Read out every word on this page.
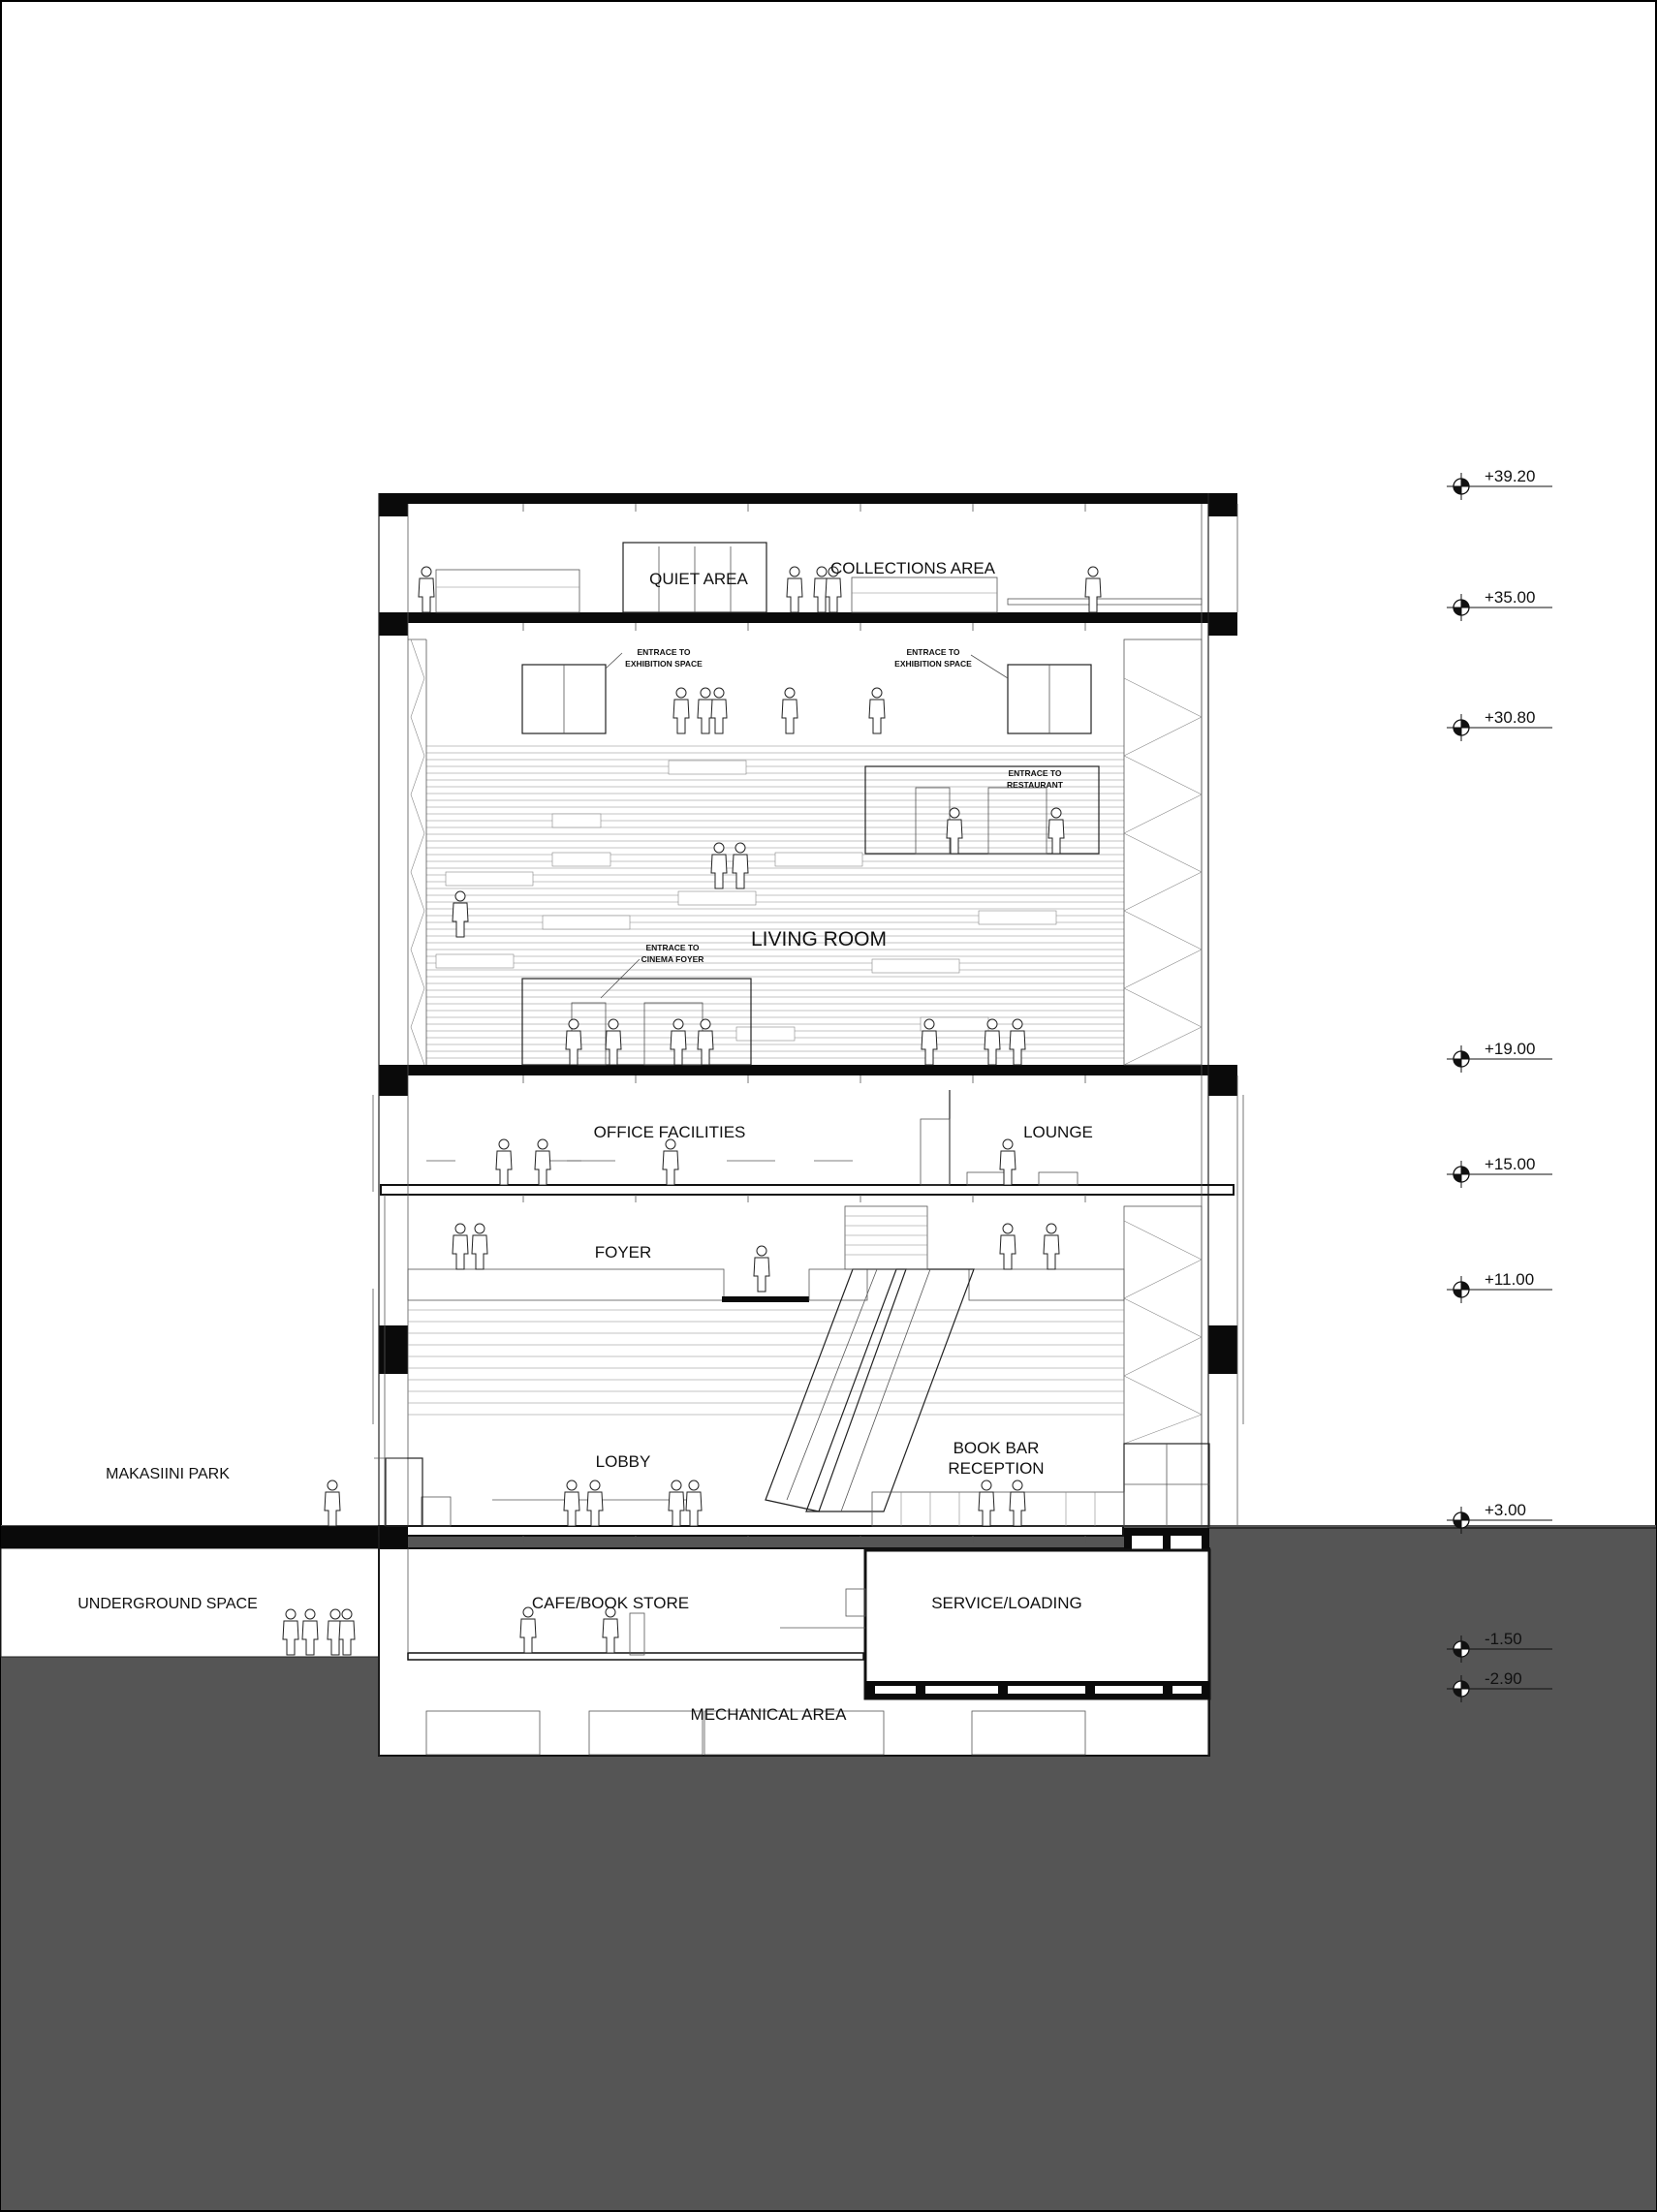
QUIET AREA
COLLECTIONS AREA
LIVING ROOM
OFFICE FACILITIES	LOUNGE
FOYER
LOBBY
BOOK BAR
RECEPTION
CAFE/BOOK STORE	SERVICE/LOADING
MECHANICAL AREA
ENTRACE TO
EXHIBITION SPACE
ENTRACE TO
EXHIBITION SPACE
ENTRACE TO
RESTAURANT
ENTRACE TO
CINEMA FOYER
MAKASIINI PARK
UNDERGROUND SPACE
+39.20
+35.00
+30.80
+19.00
+15.00
+11.00
+3.00
-1.50
-2.90
